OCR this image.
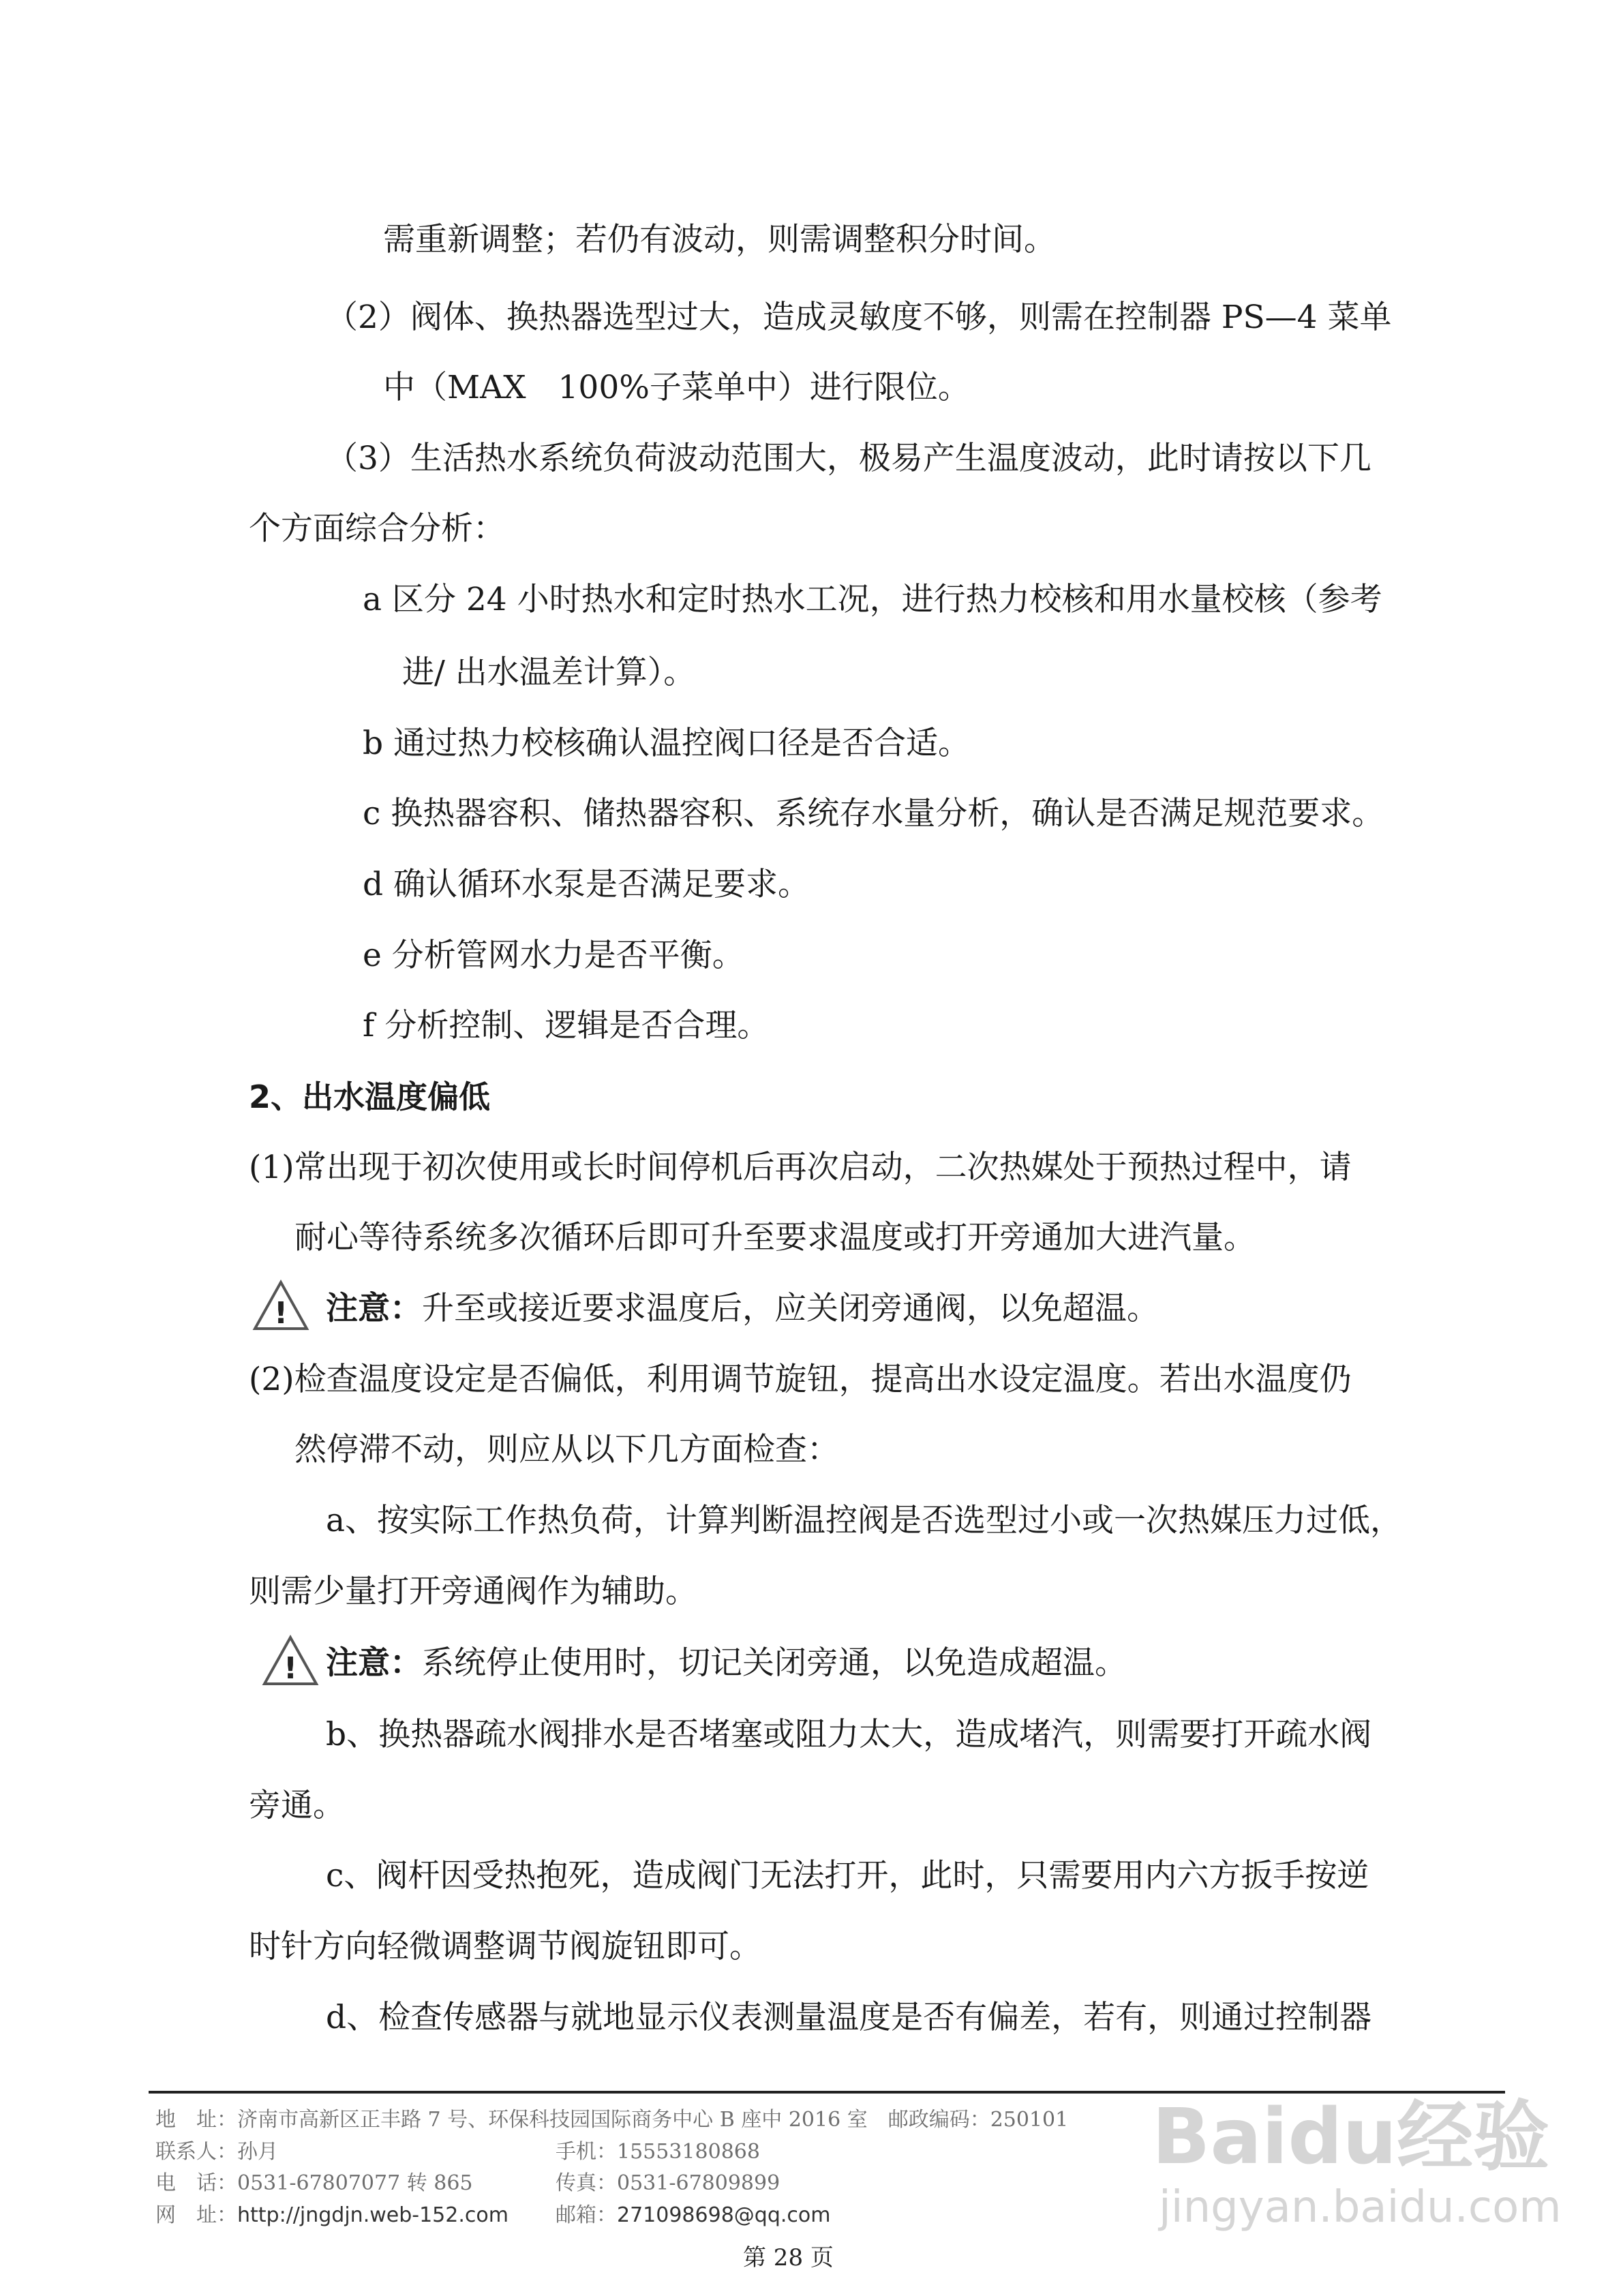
需重新调整；若仍有波动，则需调整积分时间。
（2）阀体、换热器选型过大，造成灵敏度不够，则需在控制器 PS—4 菜单
中（MAX　100%子菜单中）进行限位。
（3）生活热水系统负荷波动范围大，极易产生温度波动，此时请按以下几
个方面综合分析：
a 区分 24 小时热水和定时热水工况，进行热力校核和用水量校核（参考
进/ 出水温差计算）。
b 通过热力校核确认温控阀口径是否合适。
c 换热器容积、储热器容积、系统存水量分析，确认是否满足规范要求。
d 确认循环水泵是否满足要求。
e 分析管网水力是否平衡。
f 分析控制、逻辑是否合理。
2、出水温度偏低
(1)常出现于初次使用或长时间停机后再次启动，二次热媒处于预热过程中，请
耐心等待系统多次循环后即可升至要求温度或打开旁通加大进汽量。
! 注意：升至或接近要求温度后，应关闭旁通阀，以免超温。
(2)检查温度设定是否偏低，利用调节旋钮，提高出水设定温度。若出水温度仍
然停滞不动，则应从以下几方面检查：
a、按实际工作热负荷，计算判断温控阀是否选型过小或一次热媒压力过低，
则需少量打开旁通阀作为辅助。
! 注意：系统停止使用时，切记关闭旁通，以免造成超温。
b、换热器疏水阀排水是否堵塞或阻力太大，造成堵汽，则需要打开疏水阀
旁通。
c、阀杆因受热抱死，造成阀门无法打开，此时，只需要用内六方扳手按逆
时针方向轻微调整调节阀旋钮即可。
d、检查传感器与就地显示仪表测量温度是否有偏差，若有，则通过控制器
地　址：济南市高新区正丰路 7 号、环保科技园国际商务中心 B 座中 2016 室　邮政编码：250101
联系人：孙月	手机：15553180868
电　话：0531-67807077 转 865	传真：0531-67809899
网　址：http://jngdjn.web-152.com 邮箱：271098698@qq.com
第 28 页
Baidu经验
jingyan.baidu.com
